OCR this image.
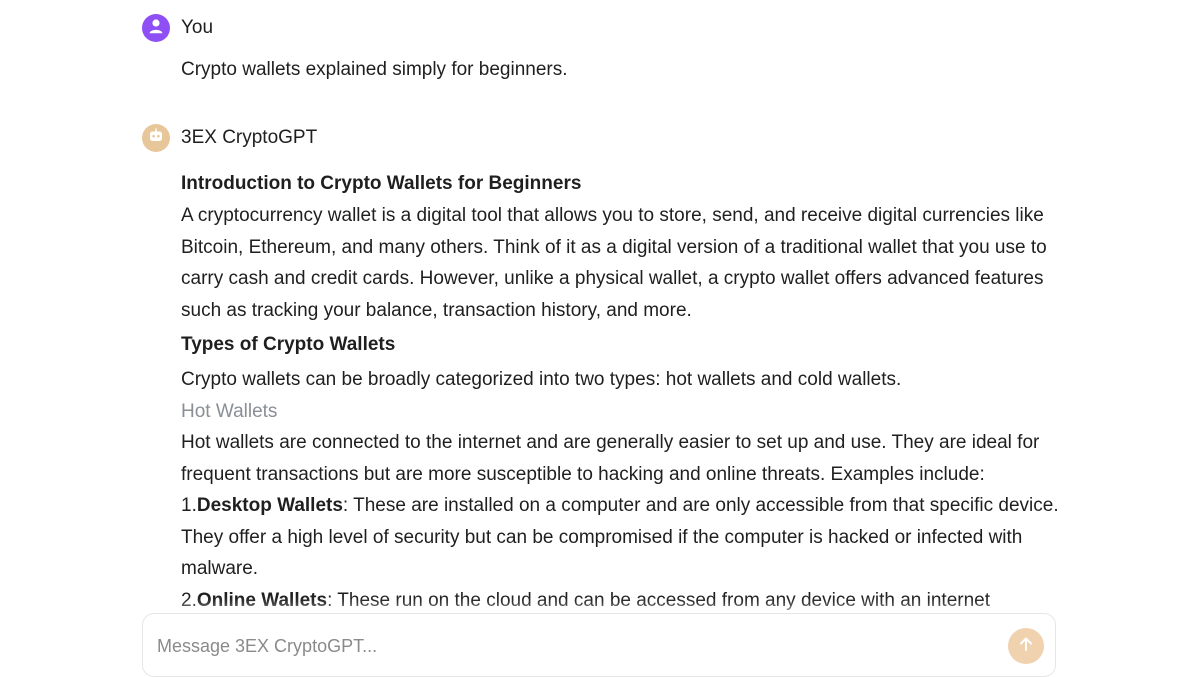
You

Crypto wallets explained simply for beginners.

3EX CryptoGPT
Introduction to Crypto Wallets for Beginners

A cryptocurrency wallet is a digital tool that allows you to store, send, and receive digital currencies like Bitcoin, Ethereum, and many others. Think of it as a digital version of a traditional wallet that you use to carry cash and credit cards. However, unlike a physical wallet, a crypto wallet offers advanced features such as tracking your balance, transaction history, and more.

Types of Crypto Wallets

Crypto wallets can be broadly categorized into two types: hot wallets and cold wallets.

Hot Wallets

Hot wallets are connected to the internet and are generally easier to set up and use. They are ideal for frequent transactions but are more susceptible to hacking and online threats. Examples include:

1.Desktop Wallets: These are installed on a computer and are only accessible from that specific device. They offer a high level of security but can be compromised if the computer is hacked or infected with malware.

2.Online Wallets: These run on the cloud and can be accessed from any device with an internet

Message 3EX CryptoGPT...
